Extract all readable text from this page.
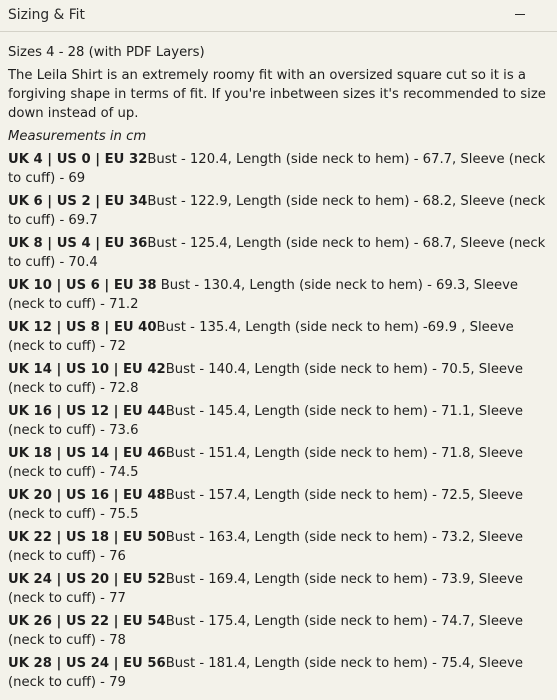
Sizing & Fit
Sizes 4 - 28 (with PDF Layers)
The Leila Shirt is an extremely roomy fit with an oversized square cut so it is a forgiving shape in terms of fit. If you're inbetween sizes it's recommended to size down instead of up.
Measurements in cm
UK 4 | US 0 | EU 32Bust - 120.4, Length (side neck to hem) - 67.7, Sleeve (neck to cuff) - 69
UK 6 | US 2 | EU 34Bust - 122.9, Length (side neck to hem) - 68.2, Sleeve (neck to cuff) - 69.7
UK 8 | US 4 | EU 36Bust - 125.4, Length (side neck to hem) - 68.7, Sleeve (neck to cuff) - 70.4
UK 10 | US 6 | EU 38 Bust - 130.4, Length (side neck to hem) - 69.3, Sleeve (neck to cuff) - 71.2
UK 12 | US 8 | EU 40Bust - 135.4, Length (side neck to hem) -69.9 , Sleeve (neck to cuff) - 72
UK 14 | US 10 | EU 42Bust - 140.4, Length (side neck to hem) - 70.5, Sleeve (neck to cuff) - 72.8
UK 16 | US 12 | EU 44Bust - 145.4, Length (side neck to hem) - 71.1, Sleeve (neck to cuff) - 73.6
UK 18 | US 14 | EU 46Bust - 151.4, Length (side neck to hem) - 71.8, Sleeve (neck to cuff) - 74.5
UK 20 | US 16 | EU 48Bust - 157.4, Length (side neck to hem) - 72.5, Sleeve (neck to cuff) - 75.5
UK 22 | US 18 | EU 50Bust - 163.4, Length (side neck to hem) - 73.2, Sleeve (neck to cuff) - 76
UK 24 | US 20 | EU 52Bust - 169.4, Length (side neck to hem) - 73.9, Sleeve (neck to cuff) - 77
UK 26 | US 22 | EU 54Bust - 175.4, Length (side neck to hem) - 74.7, Sleeve (neck to cuff) - 78
UK 28 | US 24 | EU 56Bust - 181.4, Length (side neck to hem) - 75.4, Sleeve (neck to cuff) - 79
